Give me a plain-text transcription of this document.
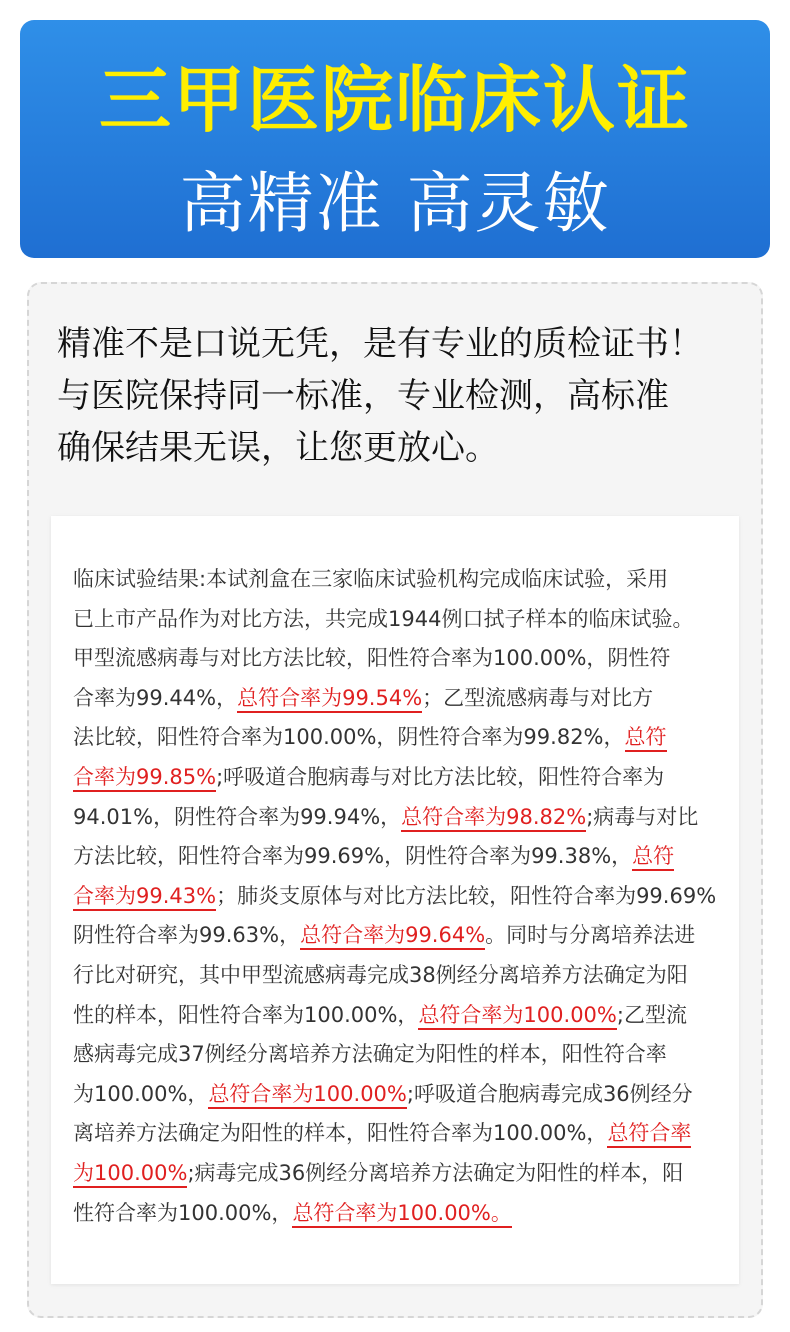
三甲医院临床认证
高精准 高灵敏
精准不是口说无凭，是有专业的质检证书！
与医院保持同一标准，专业检测，高标准
确保结果无误，让您更放心。
临床试验结果:本试剂盒在三家临床试验机构完成临床试验，采用
已上市产品作为对比方法，共完成1944例口拭子样本的临床试验。
甲型流感病毒与对比方法比较，阳性符合率为100.00%，阴性符
合率为99.44%，总符合率为99.54%；乙型流感病毒与对比方
法比较，阳性符合率为100.00%，阴性符合率为99.82%，总符
合率为99.85%;呼吸道合胞病毒与对比方法比较，阳性符合率为
94.01%，阴性符合率为99.94%，总符合率为98.82%;病毒与对比
方法比较，阳性符合率为99.69%，阴性符合率为99.38%，总符
合率为99.43%；肺炎支原体与对比方法比较，阳性符合率为99.69%
阴性符合率为99.63%，总符合率为99.64%。同时与分离培养法进
行比对研究，其中甲型流感病毒完成38例经分离培养方法确定为阳
性的样本，阳性符合率为100.00%，总符合率为100.00%;乙型流
感病毒完成37例经分离培养方法确定为阳性的样本，阳性符合率
为100.00%，总符合率为100.00%;呼吸道合胞病毒完成36例经分
离培养方法确定为阳性的样本，阳性符合率为100.00%，总符合率
为100.00%;病毒完成36例经分离培养方法确定为阳性的样本，阳
性符合率为100.00%，总符合率为100.00%。
